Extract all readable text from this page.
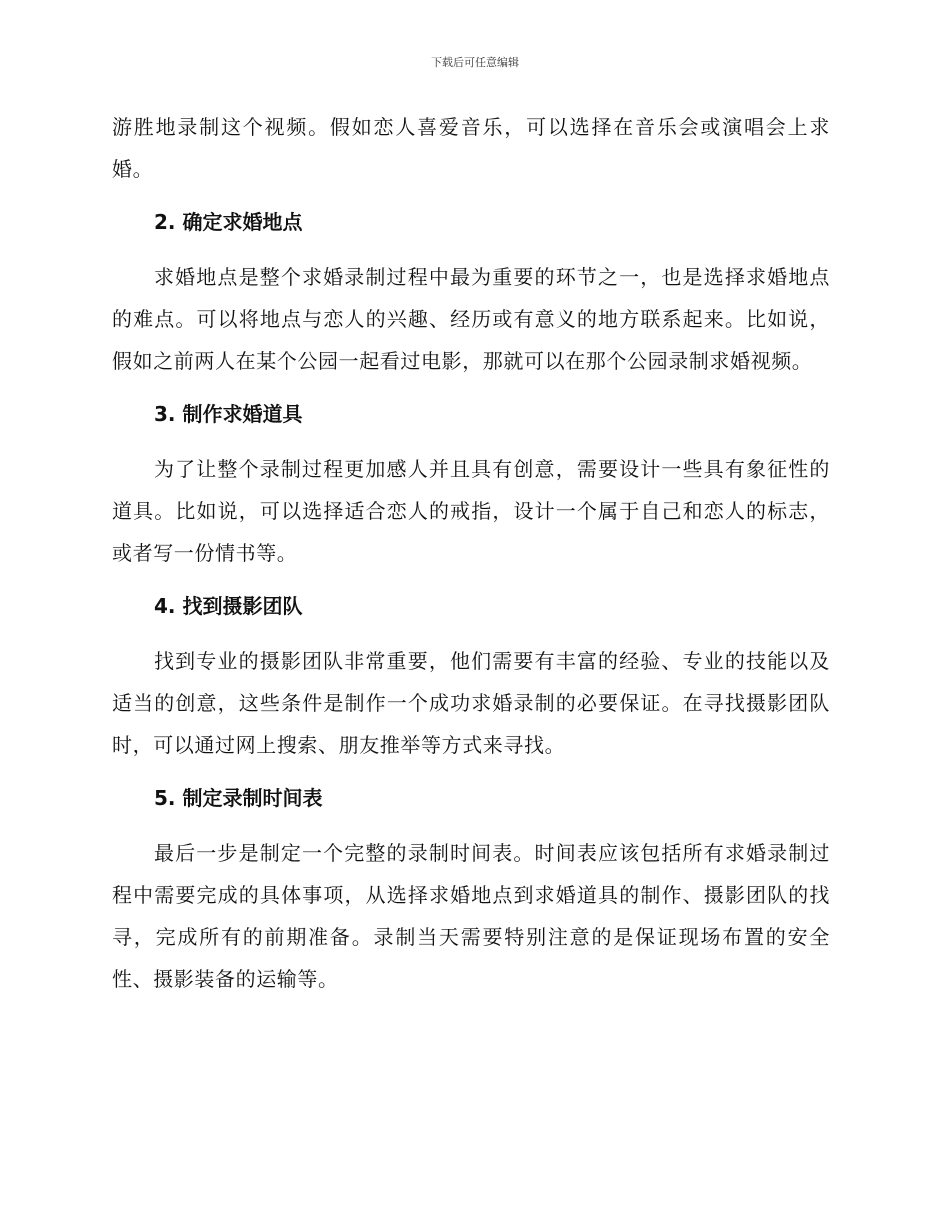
下载后可任意编辑

游胜地录制这个视频。假如恋人喜爱音乐，可以选择在音乐会或演唱会上求婚。

2. 确定求婚地点

求婚地点是整个求婚录制过程中最为重要的环节之一，也是选择求婚地点的难点。可以将地点与恋人的兴趣、经历或有意义的地方联系起来。比如说，假如之前两人在某个公园一起看过电影，那就可以在那个公园录制求婚视频。

3. 制作求婚道具

为了让整个录制过程更加感人并且具有创意，需要设计一些具有象征性的道具。比如说，可以选择适合恋人的戒指，设计一个属于自己和恋人的标志，或者写一份情书等。

4. 找到摄影团队

找到专业的摄影团队非常重要，他们需要有丰富的经验、专业的技能以及适当的创意，这些条件是制作一个成功求婚录制的必要保证。在寻找摄影团队时，可以通过网上搜索、朋友推举等方式来寻找。

5. 制定录制时间表

最后一步是制定一个完整的录制时间表。时间表应该包括所有求婚录制过程中需要完成的具体事项，从选择求婚地点到求婚道具的制作、摄影团队的找寻，完成所有的前期准备。录制当天需要特别注意的是保证现场布置的安全性、摄影装备的运输等。
